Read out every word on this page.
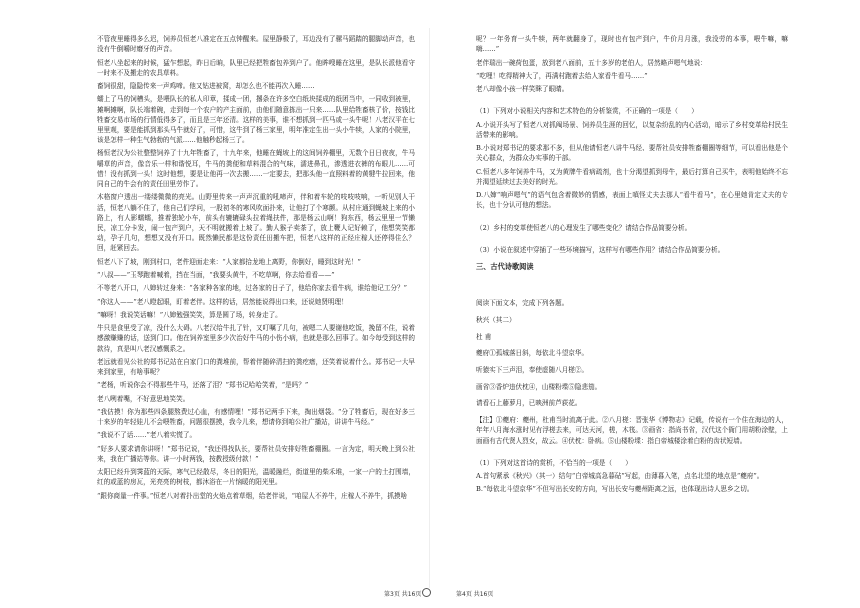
不管夜里睡得多么迟，饲养员恒老八准定在五点钟醒来。屋里静极了，耳边没有了骡马蹈踏的腿脚动声音，也没有牛倒嚼时磨牙的声音。

恒老八坐起来的时候，猛乍想起，昨日后晌，队里已经把牲畜包养到户了。他眸嗖睡在这里，是队长派他看守一时来不及搬走的农具草料。

畜饲很甜，隐隐传来一声鸡啼。他又钻进被窝，却怎么也不能再次入睡……

蠕上了马的饲槽头，是喂队长的私人印章，揉成一团，撂条在许多空白纸块揉成的纸团当中，一同收到被里，摊啊摊啊，队长端着碗，走到每一个农户的产主面前，由他们随意拣出一只来……队里给牲畜核了价，按钱比牲畜交易市场的行情低得多了，而且是三年还清。这样的美事，谁不想抓到一匹马或一头牛呢！八老汉平在七里里观，要是能抓到那头马牛就好了，可惜，这牛到了杨三家里，明年准定生出一头小牛犊，人家的小院里，该是怎样一种生气勃勃的气派……他触秒起杨三了。

杨恒老汉为公社整整饲养了十九年牲畜了，十九年来，他睡在蝇坡上的这间饲养棚里，无数个日日夜夜，牛马嚼草的声音，像音乐一样和谐悦耳，牛马的粪便和草料混合的气味，濡进鼻孔，渗透进衣裤的布眼儿……可惜！没有抓到一头！这时他想，要是让他再一次去搬……一定要去，把那头他一直照料着的黄犍牛拉回来，他同自己的牛会有的责任田里劳作了。

木格窗户透出一缕缕微微的亮光。山野里传来一声声沉重的吼啼声，伴和着车轮的吱吱吱响，一听见别人干活，恒老八躺不住了，他自己们学问，一股初冬的寒风吹面扑来，让他打了个寒颤。从村庄通到蝇坡上来的小路上，有人影蠕蠕，推着独轮小车，前头有辘辘碌头拉着绳扶件，那是杨云山啊！狗东西，杨云里里一节懒民，凉工分卡发，闹一包产到户，天不明就搬着上坡了。勤人猴子卖茶了，放上鞭人记好赖了，他想笑笑都动，孕子几句，想想又没有开口。既然懒民都是这份责任田搬车把，恒老八这样的正经庄稼人还停得住么？回，赶紧回去。

恒老八下了坡，刚到村口，老件迎面走来：“人家都拾龙地上离野，你倒好，睡到这时光！”

“八叔——”玉琴跑着喊着，挡在当面，“我要头黄牛，不吃草啊，你去给看看——”

不等老八开口，八婶转过身来：“各家种各家的地，过各家的日子了，他给你家去看牛病，谁给他记工分？”

“你这人——”老八瞪起眼，盯着老伴。这样的话，居然能说得出口来，还说她贤明理！

“嘛呀！我说笑话嘛！”八婶勉强笑笑，算是圆了场，转身走了。

牛只是食里受了凉，没什么大碍。八老汉给牛扎了针，又叮嘱了几句，被嗯二人要谢他吃饭，挽留不住，说着感激赚赚的话，送到门口。他在饲养室里多少次治好牛马的小伤小病，也就是那么回事了。如今每受到这样的款待，真是叫八老汉感慨系之。

老远就看见公社的郑书记站在自家门口的粪堆前，帮着伴随碎清扫的粪疙瘩，还笑着说着什么。郑书记一大早来到家里，有啥事呢？

“老杨，听说你会不得那些牛马，还落了泪？”郑书记哈哈笑着，“是吗？”

老八咧着嘴，不好意思地笑笑。

“我估摸！你为那些四条腿熬费过心血，有感情哩！”郑书记两手下来，掏出烟袋。“分了牲畜后，现在好多三十来岁的年轻娃儿不会喂牲畜，问题很摆摸，我今儿来，想请你到咱公社广播站，讲讲牛马经。”

“我说不了话……”老八着实慌了。

“好多人要求请你讲呀！”郑书记说，“我还得找队长，要帮社员安排好牲畜棚圈。一言为定，明天晚上到公社来，我在广播站等你。讲一小时两钱，按教授级付款！”

太阳已经升到霁蓝的天际，寒气已经散尽，冬日的阳光，温暖融烂，街道里的柴禾堆，一家一户的土打围墙，红的或蓝的房瓦，光亮亮的树枝，都沐浴在一片恼暖的阳光里。

“跟你商量一件事。”恒老八对着扑出堂的火焰点着草烟，给老伴说，“咱屋人不养牛，庄稼人不养牛，抓摸啥

呢？一年务育一头牛犊，两年就翻身了，现时也有包产到户，牛价月月涨，我没劳的本事，喂牛嘛，嘛嗨……”

老伴瑞出一碗荷包蛋，放到老八面前，五十多岁的老伯人，居然略声嗯气地说：

“吃哩！吃得精神大了，再满村跑着去给人家看牛看马……”

老八却像小孩一样笑眯了眼睛。

（1）下列对小说相关内容和艺术特色的分析鉴赏，不正确的一项是（　　）

A.小说开头写了恒老八对抓阄场景、饲养员生涯的回忆，以复杂纷乱的内心活动，暗示了乡村变革给村民生活带来的影响。

B.小说对郑书记的要求那不多，但从他请恒老八讲牛马经、要帮社员安排牲畜棚圈等细节，可以看出他是个关心群众，为群众办实事的干部。

C.恒老八多年饲养牛马，又为黄牌牛看病疏剂，也十分渴望抓到母牛，最后打算自己买牛，表明他始终不忘并渴望延续过去美好的时光。

D.八婶“响声嗯气”的语气包含着微妙的情感，表面上嗔怪丈夫去那人“看牛看马”，在心里她肯定丈夫的专长，也十分认可他的想法。

（2）乡村的变革使恒老八的心理发生了哪些变化？请结合作品简要分析。

（3）小说在叙述中穿插了一些环境描写，这样写有哪些作用？请结合作品简要分析。

三、古代诗歌阅读

阅读下面文本，完成下列各题。

秋兴（其二）

杜 甫

夔府①孤城落日斜，每依北斗望京华。

听猿实下三声泪，奉使虚随八月槎②。

画省③香炉违伏枕④，山楼粉堞⑤隐悲笳。

请看石上藤萝月，已映洲前芦荻花。

【注】①夔府：夔州，杜甫当时流离于此。②八月槎：晋张华《博物志》记载，传说有一个住在海边的人，年年八月海水涨时见有浮槎去来，可达天河，槎，木筏。③画省：指尚书省，汉代这个衙门用胡粉涂壁，上面画有古代贤人烈女，故云。④伏枕：卧病。⑤山楼粉堞：指白帝城楼涂着白粉的齿状短墙。

（1）下列对这首诗的赏析，不恰当的一项是（　　）

A.首句紧承《秋兴》（其一）结句“白帝城高急暮砧”写起，由薄暮入笔，点名北望的地点是“夔府”。

B.“每依北斗望京华”不但写出长安的方向，写出长安与夔州距离之远，也体现出诗人思乡之切。

第3页 共16页	第4页 共16页
